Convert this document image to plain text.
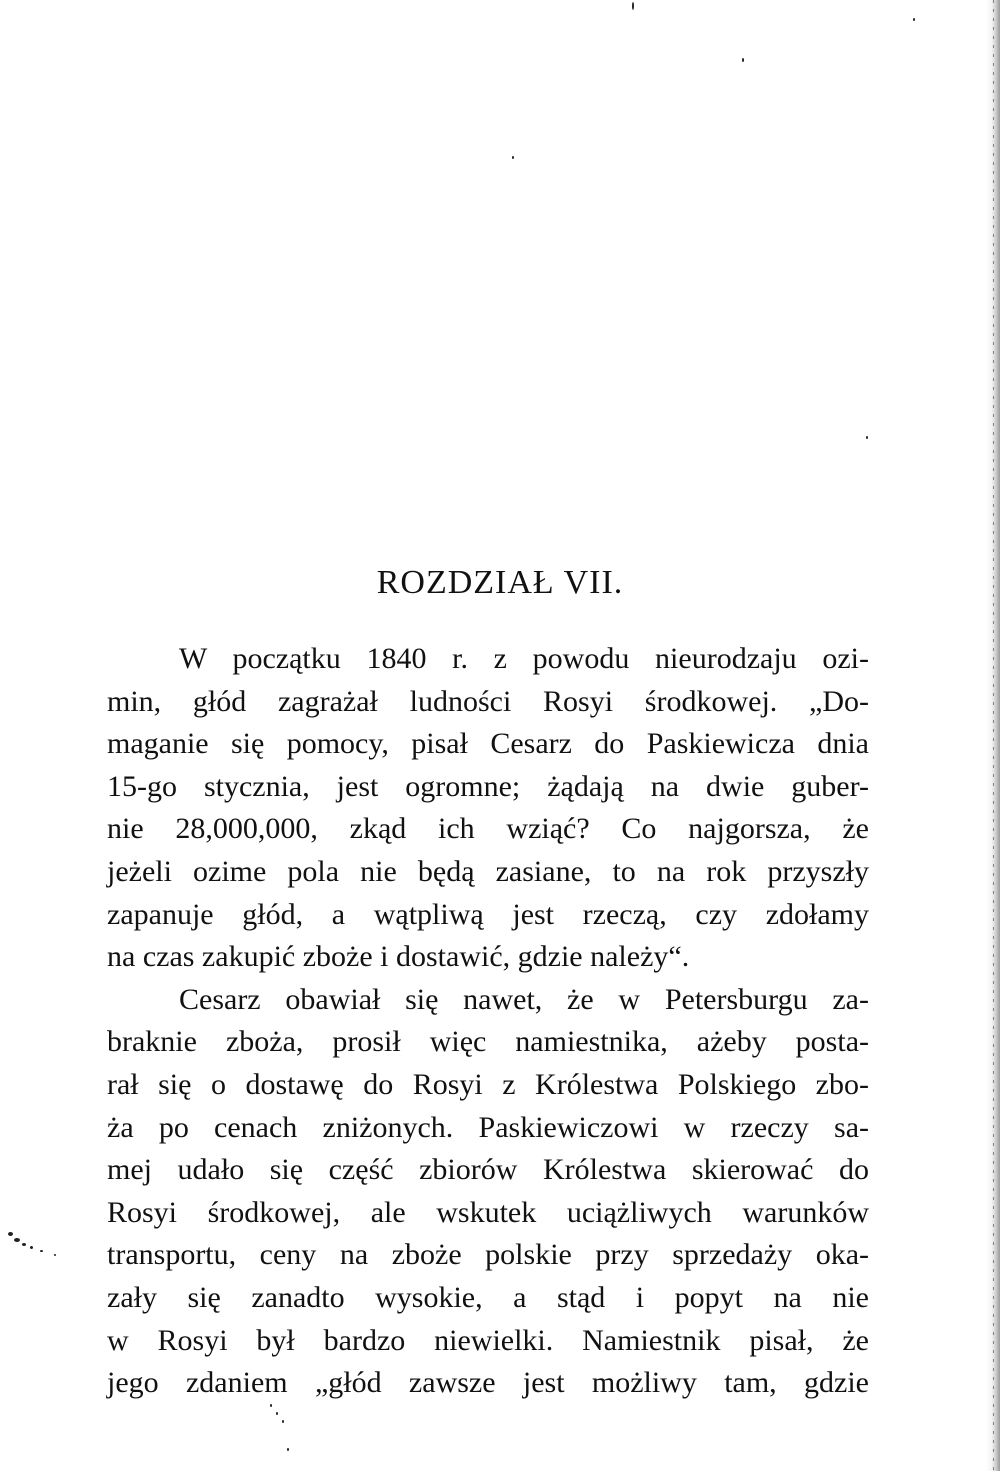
ROZDZIAŁ VII.
W początku 1840 r. z powodu nieurodzaju ozi-
min, głód zagrażał ludności Rosyi środkowej. „Do-
maganie się pomocy, pisał Cesarz do Paskiewicza dnia
15-go stycznia, jest ogromne; żądają na dwie guber-
nie 28,000,000, zkąd ich wziąć? Co najgorsza, że
jeżeli ozime pola nie będą zasiane, to na rok przyszły
zapanuje głód, a wątpliwą jest rzeczą, czy zdołamy
na czas zakupić zboże i dostawić, gdzie należy“.
Cesarz obawiał się nawet, że w Petersburgu za-
braknie zboża, prosił więc namiestnika, ażeby posta-
rał się o dostawę do Rosyi z Królestwa Polskiego zbo-
ża po cenach zniżonych. Paskiewiczowi w rzeczy sa-
mej udało się część zbiorów Królestwa skierować do
Rosyi środkowej, ale wskutek uciążliwych warunków
transportu, ceny na zboże polskie przy sprzedaży oka-
zały się zanadto wysokie, a stąd i popyt na nie
w Rosyi był bardzo niewielki. Namiestnik pisał, że
jego zdaniem „głód zawsze jest możliwy tam, gdzie
